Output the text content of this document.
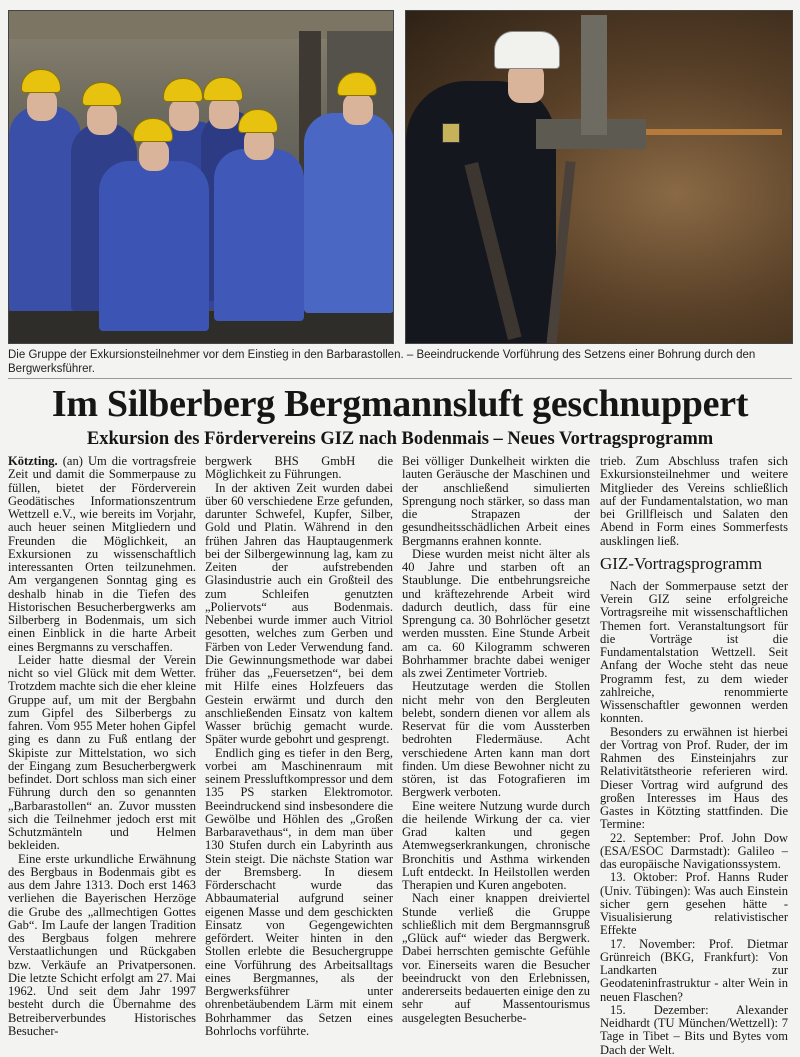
Die Gruppe der Exkursionsteilnehmer vor dem Einstieg in den Barbarastollen. – Beeindruckende Vorführung des Setzens einer Bohrung durch den Bergwerksführer.
Im Silberberg Bergmannsluft geschnuppert
Exkursion des Fördervereins GIZ nach Bodenmais – Neues Vortragsprogramm

Kötzting. (an) Um die vortragsfreie Zeit und damit die Sommerpause zu füllen, bietet der Förderverein Geodätisches Informationszentrum Wettzell e.V., wie bereits im Vorjahr, auch heuer seinen Mitgliedern und Freunden die Möglichkeit, an Exkursionen zu wissenschaftlich interessanten Orten teilzunehmen. Am vergangenen Sonntag ging es deshalb hinab in die Tiefen des Historischen Besucherbergwerks am Silberberg in Bodenmais, um sich einen Einblick in die harte Arbeit eines Bergmanns zu verschaffen.

Leider hatte diesmal der Verein nicht so viel Glück mit dem Wetter. Trotzdem machte sich die eher kleine Gruppe auf, um mit der Bergbahn zum Gipfel des Silberbergs zu fahren. Vom 955 Meter hohen Gipfel ging es dann zu Fuß entlang der Skipiste zur Mittelstation, wo sich der Eingang zum Besucherbergwerk befindet. Dort schloss man sich einer Führung durch den so genannten „Barbarastollen“ an. Zuvor mussten sich die Teilnehmer jedoch erst mit Schutzmänteln und Helmen bekleiden.

Eine erste urkundliche Erwähnung des Bergbaus in Bodenmais gibt es aus dem Jahre 1313. Doch erst 1463 verliehen die Bayerischen Herzöge die Grube des „allmechtigen Gottes Gab“. Im Laufe der langen Tradition des Bergbaus folgen mehrere Verstaatlichungen und Rückgaben bzw. Verkäufe an Privatpersonen. Die letzte Schicht erfolgt am 27. Mai 1962. Und seit dem Jahr 1997 besteht durch die Übernahme des Betreiberverbundes Historisches Besucher-

bergwerk BHS GmbH die Möglichkeit zu Führungen.

In der aktiven Zeit wurden dabei über 60 verschiedene Erze gefunden, darunter Schwefel, Kupfer, Silber, Gold und Platin. Während in den frühen Jahren das Hauptaugenmerk bei der Silbergewinnung lag, kam zu Zeiten der aufstrebenden Glasindustrie auch ein Großteil des zum Schleifen genutzten „Poliervots“ aus Bodenmais. Nebenbei wurde immer auch Vitriol gesotten, welches zum Gerben und Färben von Leder Verwendung fand. Die Gewinnungsmethode war dabei früher das „Feuersetzen“, bei dem mit Hilfe eines Holzfeuers das Gestein erwärmt und durch den anschließenden Einsatz von kaltem Wasser brüchig gemacht wurde. Später wurde gebohrt und gesprengt.

Endlich ging es tiefer in den Berg, vorbei am Maschinenraum mit seinem Pressluftkompressor und dem 135 PS starken Elektromotor. Beeindruckend sind insbesondere die Gewölbe und Höhlen des „Großen Barbaravethaus“, in dem man über 130 Stufen durch ein Labyrinth aus Stein steigt. Die nächste Station war der Bremsberg. In diesem Förderschacht wurde das Abbaumaterial aufgrund seiner eigenen Masse und dem geschickten Einsatz von Gegengewichten gefördert. Weiter hinten in den Stollen erlebte die Besuchergruppe eine Vorführung des Arbeitsalltags eines Bergmannes, als der Bergwerksführer unter ohrenbetäubendem Lärm mit einem Bohrhammer das Setzen eines Bohrlochs vorführte.

Bei völliger Dunkelheit wirkten die lauten Geräusche der Maschinen und der anschließend simulierten Sprengung noch stärker, so dass man die Strapazen der gesundheitsschädlichen Arbeit eines Bergmanns erahnen konnte.

Diese wurden meist nicht älter als 40 Jahre und starben oft an Staublunge. Die entbehrungsreiche und kräftezehrende Arbeit wird dadurch deutlich, dass für eine Sprengung ca. 30 Bohrlöcher gesetzt werden mussten. Eine Stunde Arbeit am ca. 60 Kilogramm schweren Bohrhammer brachte dabei weniger als zwei Zentimeter Vortrieb.

Heutzutage werden die Stollen nicht mehr von den Bergleuten belebt, sondern dienen vor allem als Reservat für die vom Aussterben bedrohten Fledermäuse. Acht verschiedene Arten kann man dort finden. Um diese Bewohner nicht zu stören, ist das Fotografieren im Bergwerk verboten.

Eine weitere Nutzung wurde durch die heilende Wirkung der ca. vier Grad kalten und gegen Atemwegserkrankungen, chronische Bronchitis und Asthma wirkenden Luft entdeckt. In Heilstollen werden Therapien und Kuren angeboten.

Nach einer knappen dreiviertel Stunde verließ die Gruppe schließlich mit dem Bergmannsgruß „Glück auf“ wieder das Bergwerk. Dabei herrschten gemischte Gefühle vor. Einerseits waren die Besucher beeindruckt von den Erlebnissen, andererseits bedauerten einige den zu sehr auf Massentourismus ausgelegten Besucherbe-

trieb. Zum Abschluss trafen sich Exkursionsteilnehmer und weitere Mitglieder des Vereins schließlich auf der Fundamentalstation, wo man bei Grillfleisch und Salaten den Abend in Form eines Sommerfests ausklingen ließ.

GIZ-Vortragsprogramm

Nach der Sommerpause setzt der Verein GIZ seine erfolgreiche Vortragsreihe mit wissenschaftlichen Themen fort. Veranstaltungsort für die Vorträge ist die Fundamentalstation Wettzell. Seit Anfang der Woche steht das neue Programm fest, zu dem wieder zahlreiche, renommierte Wissenschaftler gewonnen werden konnten.

Besonders zu erwähnen ist hierbei der Vortrag von Prof. Ruder, der im Rahmen des Einsteinjahrs zur Relativitätstheorie referieren wird. Dieser Vortrag wird aufgrund des großen Interesses im Haus des Gastes in Kötzting stattfinden. Die Termine:

22. September: Prof. John Dow (ESA/ESOC Darmstadt): Galileo – das europäische Navigationssystem.

13. Oktober: Prof. Hanns Ruder (Univ. Tübingen): Was auch Einstein sicher gern gesehen hätte - Visualisierung relativistischer Effekte

17. November: Prof. Dietmar Grünreich (BKG, Frankfurt): Von Landkarten zur Geodateninfrastruktur - alter Wein in neuen Flaschen?

15. Dezember: Alexander Neidhardt (TU München/Wettzell): 7 Tage in Tibet – Bits und Bytes vom Dach der Welt.
